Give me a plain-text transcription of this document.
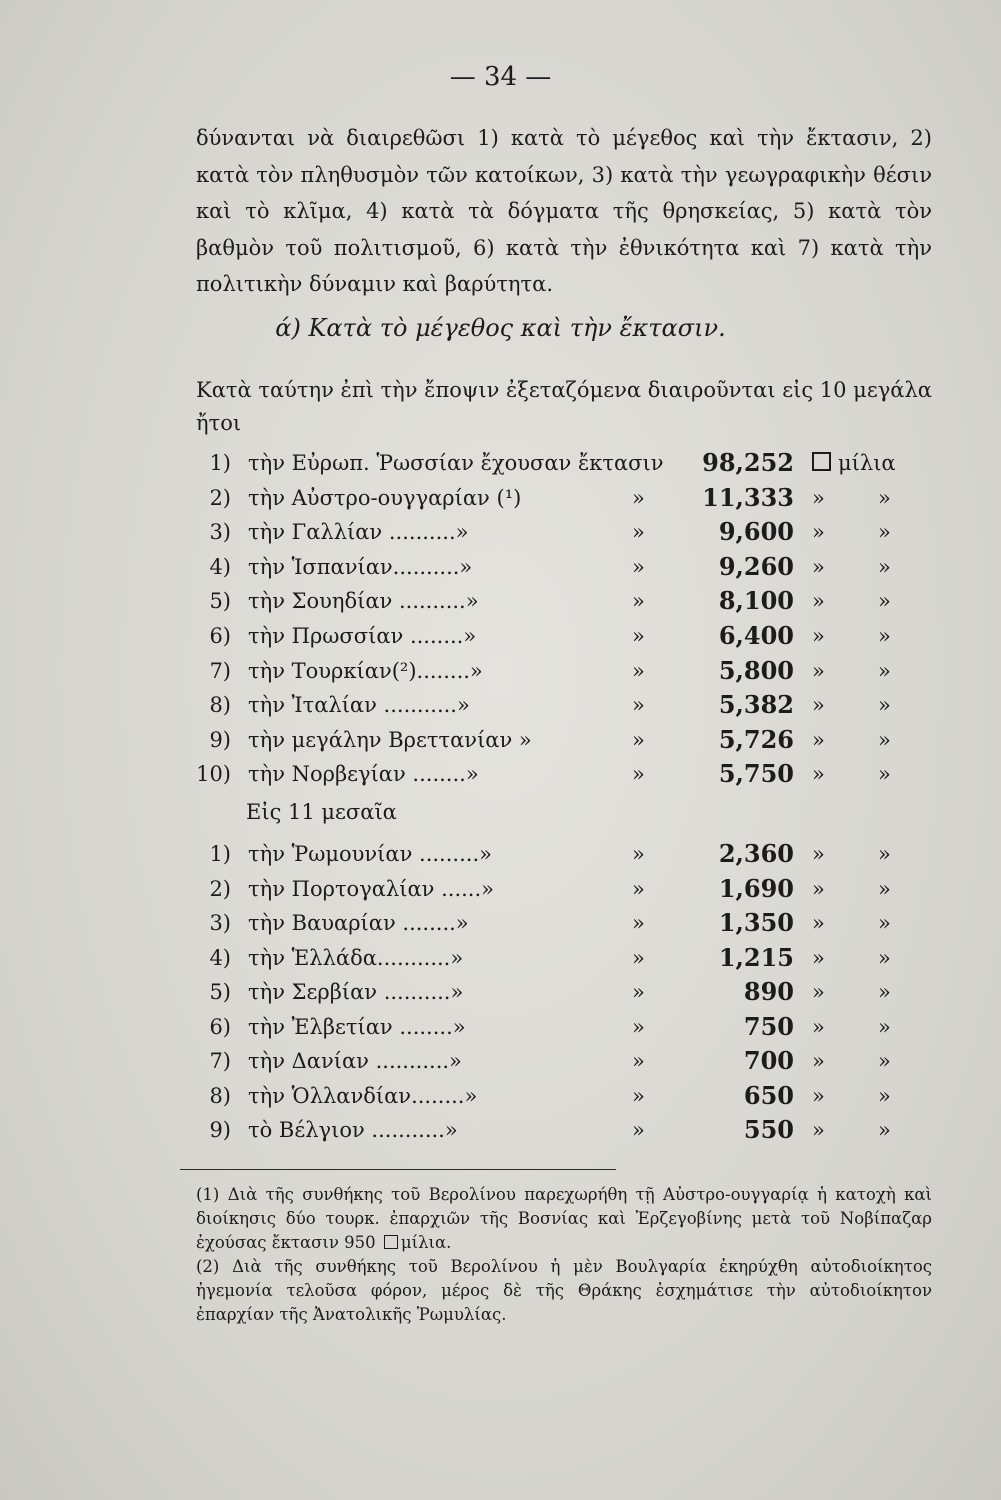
— 34 —
δύνανται νὰ διαιρεθῶσι 1) κατὰ τὸ μέγεθος καὶ τὴν ἔκτασιν, 2) κατὰ τὸν πληθυσμὸν τῶν κατοίκων, 3) κατὰ τὴν γεωγραφικὴν θέσιν καὶ τὸ κλῖμα, 4) κατὰ τὰ δόγματα τῆς θρησκείας, 5) κατὰ τὸν βαθμὸν τοῦ πολιτισμοῦ, 6) κατὰ τὴν ἐθνικότητα καὶ 7) κατὰ τὴν πολιτικὴν δύναμιν καὶ βαρύτητα.
ά) Κατὰ τὸ μέγεθος καὶ τὴν ἔκτασιν.
Κατὰ ταύτην ἐπὶ τὴν ἔποψιν ἐξεταζόμενα διαιροῦνται εἰς 10 μεγάλα ἤτοι
1) τὴν Εὐρωπ. Ῥωσσίαν ἔχουσαν ἔκτασιν 98,252	μίλια
2) τὴν Αὐστρο-ουγγαρίαν (¹)	» 11,333 »	»
3) τὴν Γαλλίαν ..........»	»	9,600 »	»
4) τὴν Ἱσπανίαν..........»	»	9,260 »	»
5) τὴν Σουηδίαν ..........»	»	8,100 »	»
6) τὴν Πρωσσίαν ........»	»	6,400 »	»
7) τὴν Τουρκίαν(²)........»	»	5,800 »	»
8) τὴν Ἰταλίαν ...........»	»	5,382 »	»
9) τὴν μεγάλην Βρεττανίαν »	»	5,726 »	»
10) τὴν Νορβεγίαν ........»	»	5,750 »	»
Εἰς 11 μεσαῖα
1) τὴν Ῥωμουνίαν .........»	»	2,360 »	»
2) τὴν Πορτογαλίαν ......»	»	1,690 »	»
3) τὴν Βαυαρίαν ........»	»	1,350 »	»
4) τὴν Ἑλλάδα...........»	»	1,215 »	»
5) τὴν Σερβίαν ..........»	»	890 »	»
6) τὴν Ἐλβετίαν ........»	»	750 »	»
7) τὴν Δανίαν ...........»	»	700 »	»
8) τὴν Ὁλλανδίαν........»	»	650 »	»
9) τὸ Βέλγιον ...........»	»	550 »	»

(1) Διὰ τῆς συνθήκης τοῦ Βερολίνου παρεχωρήθη τῇ Αὐστρο-ουγγαρίᾳ ἡ κατοχὴ καὶ διοίκησις δύο τουρκ. ἐπαρχιῶν τῆς Βοσνίας καὶ Ἐρζεγοβίνης μετὰ τοῦ Νοβίπαζαρ ἐχούσας ἔκτασιν 950 μίλια.

(2) Διὰ τῆς συνθήκης τοῦ Βερολίνου ἡ μὲν Βουλγαρία ἐκηρύχθη αὐτοδιοίκητος ἡγεμονία τελοῦσα φόρον, μέρος δὲ τῆς Θράκης ἐσχημάτισε τὴν αὐτοδιοίκητον ἐπαρχίαν τῆς Ἀνατολικῆς Ῥωμυλίας.
